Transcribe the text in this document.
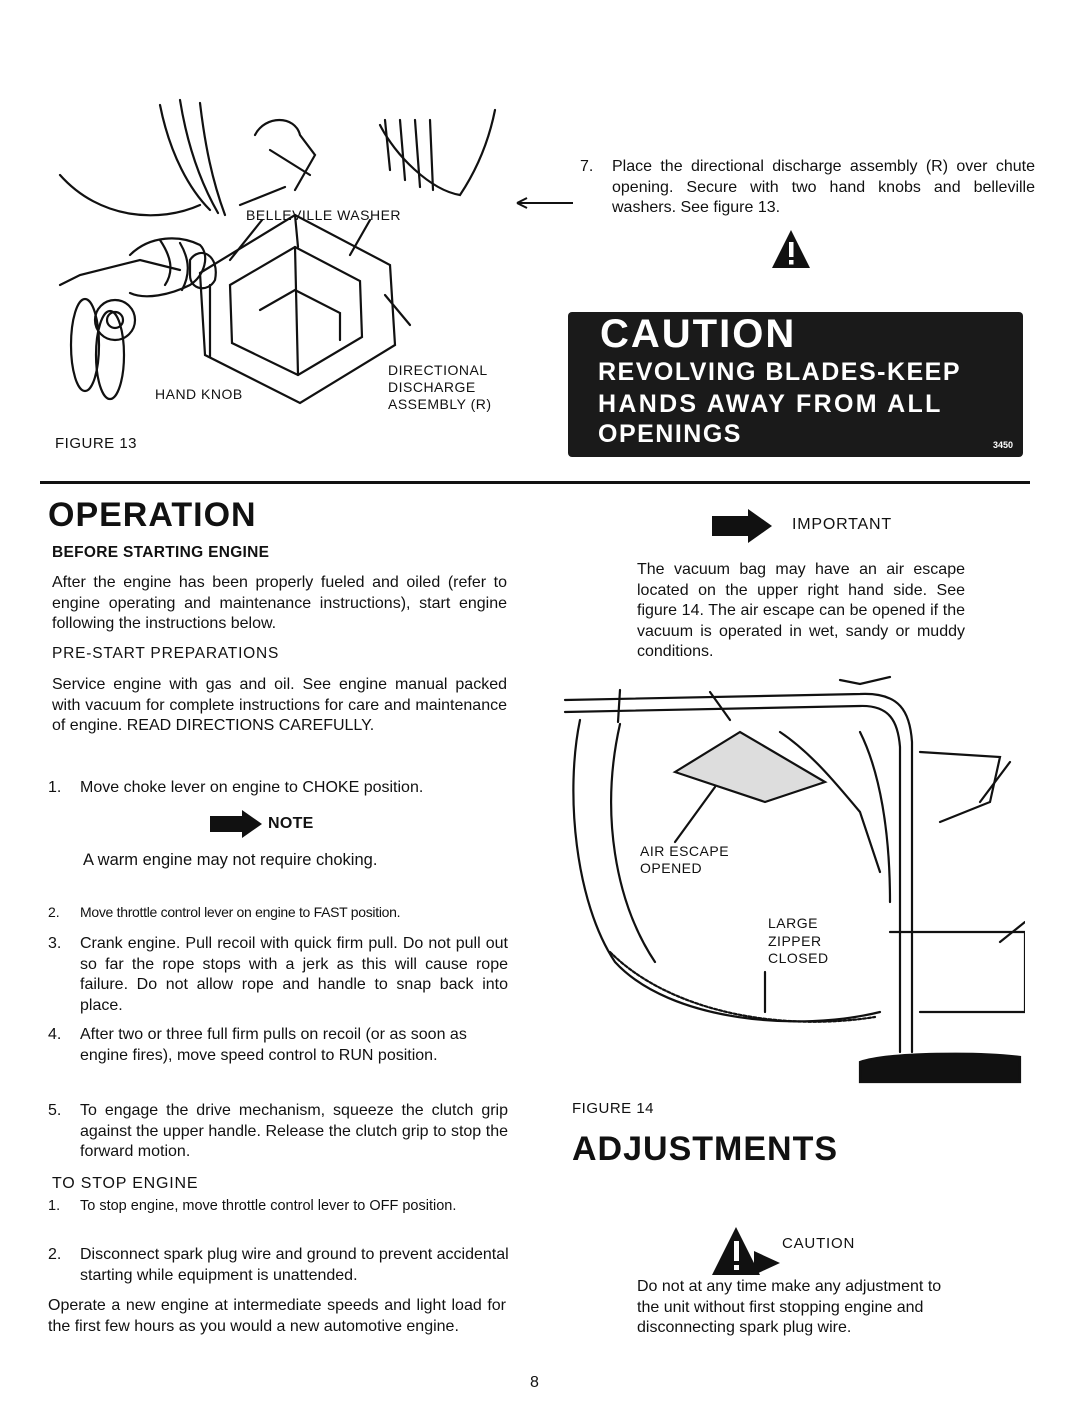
BELLEVILLE WASHER
HAND KNOB
DIRECTIONAL
DISCHARGE
ASSEMBLY (R)
FIGURE 13
7. Place the directional discharge assembly (R) over chute opening. Secure with two hand knobs and belleville washers. See figure 13.
CAUTION
REVOLVING BLADES-KEEP
HANDS AWAY FROM ALL
OPENINGS	3450
OPERATION
BEFORE STARTING ENGINE
After the engine has been properly fueled and oiled (refer to engine operating and maintenance instructions), start engine following the instructions below.
PRE-START PREPARATIONS
Service engine with gas and oil. See engine manual packed with vacuum for complete instructions for care and maintenance of engine. READ DIRECTIONS CAREFULLY.
1. Move choke lever on engine to CHOKE position.
NOTE
A warm engine may not require choking.
2. Move throttle control lever on engine to FAST position.
3. Crank engine. Pull recoil with quick firm pull. Do not pull out so far the rope stops with a jerk as this will cause rope failure. Do not allow rope and handle to snap back into place.
4. After two or three full firm pulls on recoil (or as soon as engine fires), move speed control to RUN position.
5. To engage the drive mechanism, squeeze the clutch grip against the upper handle. Release the clutch grip to stop the forward motion.
TO STOP ENGINE
1. To stop engine, move throttle control lever to OFF position.
2. Disconnect spark plug wire and ground to prevent accidental starting while equipment is unattended.
Operate a new engine at intermediate speeds and light load for the first few hours as you would a new automotive engine.
IMPORTANT
The vacuum bag may have an air escape located on the upper right hand side. See figure 14. The air escape can be opened if the vacuum is operated in wet, sandy or muddy conditions.
AIR ESCAPE
OPENED
LARGE
ZIPPER
CLOSED
FIGURE 14
ADJUSTMENTS
CAUTION
Do not at any time make any adjustment to the unit without first stopping engine and disconnecting spark plug wire.
8
